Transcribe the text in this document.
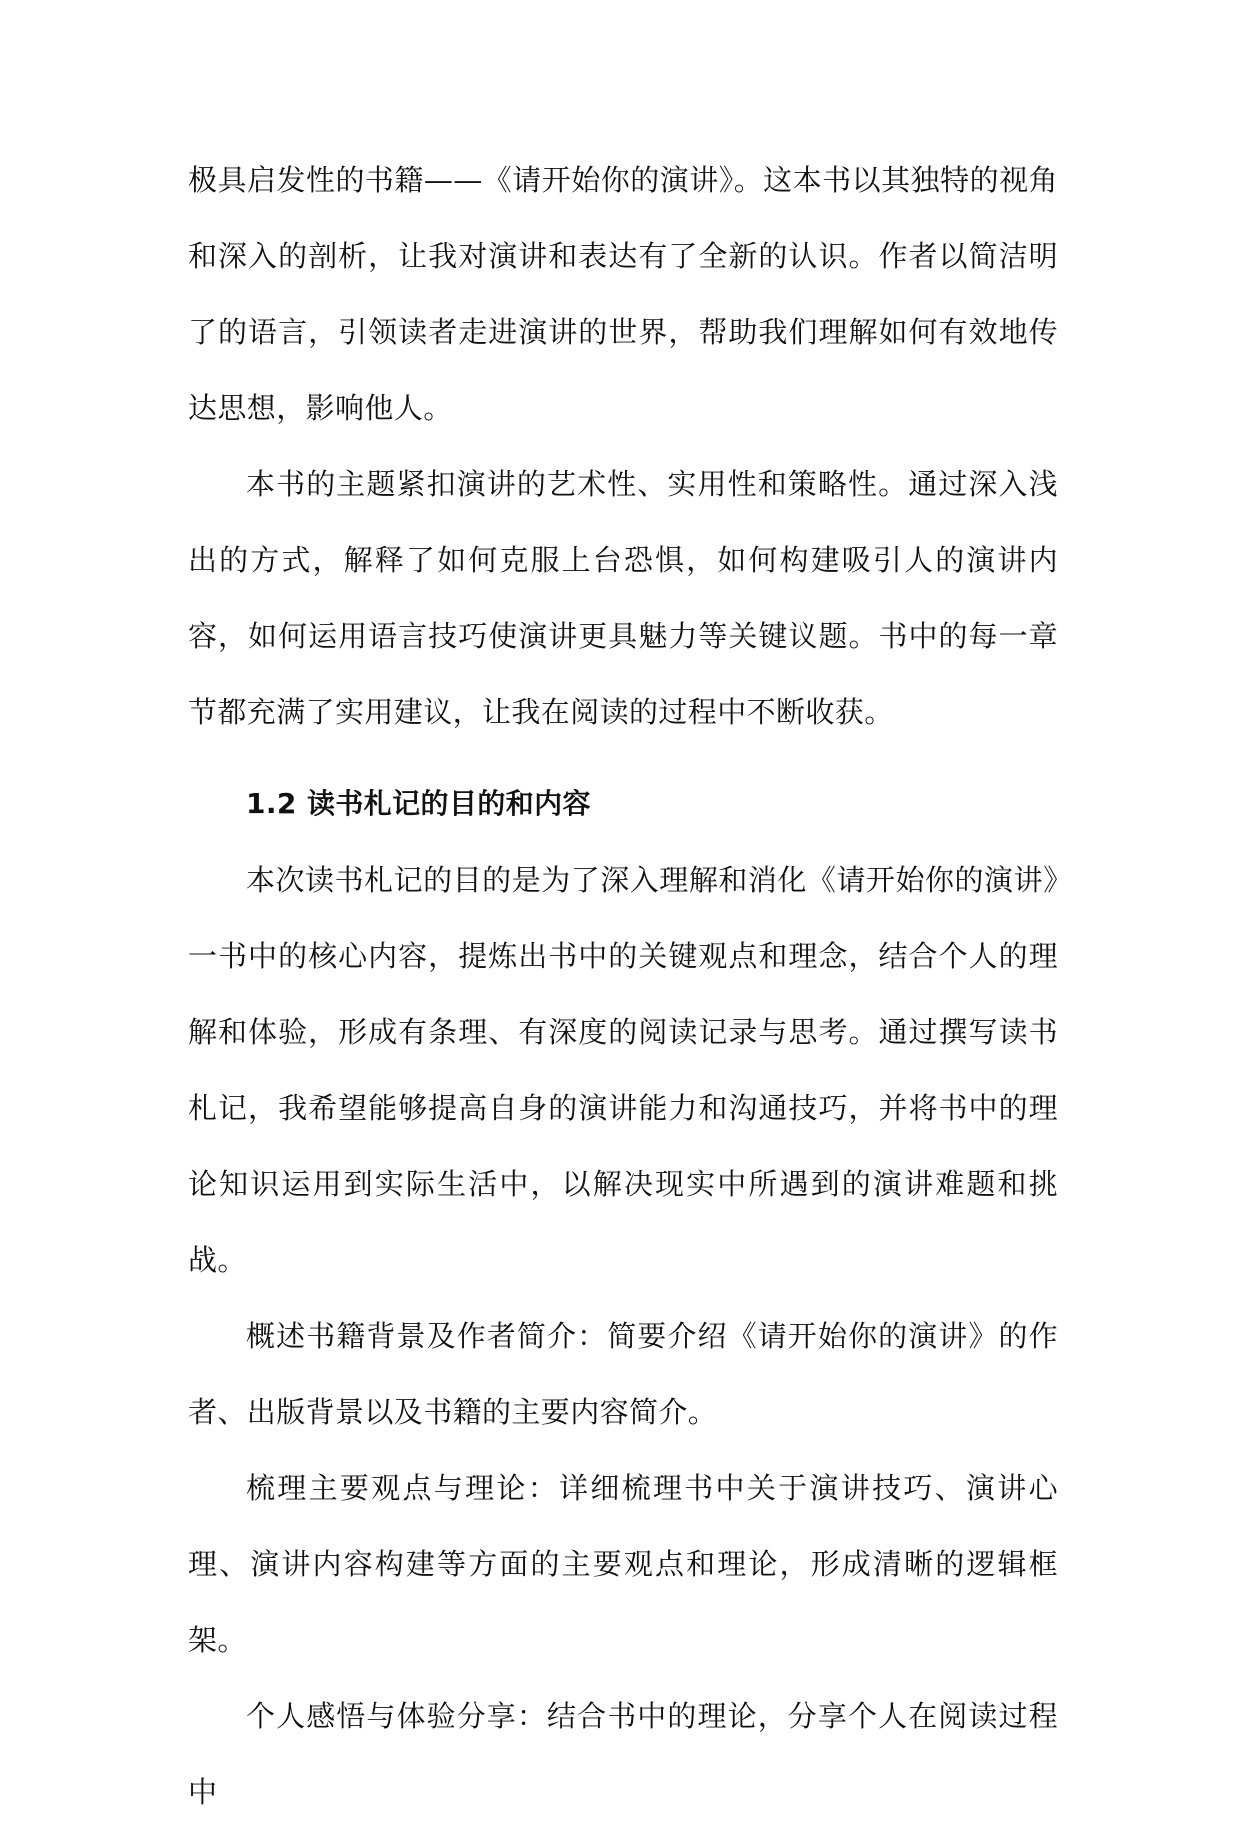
极具启发性的书籍——《请开始你的演讲》。这本书以其独特的视角和深入的剖析，让我对演讲和表达有了全新的认识。作者以简洁明了的语言，引领读者走进演讲的世界，帮助我们理解如何有效地传达思想，影响他人。

本书的主题紧扣演讲的艺术性、实用性和策略性。通过深入浅出的方式，解释了如何克服上台恐惧，如何构建吸引人的演讲内容，如何运用语言技巧使演讲更具魅力等关键议题。书中的每一章节都充满了实用建议，让我在阅读的过程中不断收获。

1.2 读书札记的目的和内容

本次读书札记的目的是为了深入理解和消化《请开始你的演讲》一书中的核心内容，提炼出书中的关键观点和理念，结合个人的理解和体验，形成有条理、有深度的阅读记录与思考。通过撰写读书札记，我希望能够提高自身的演讲能力和沟通技巧，并将书中的理论知识运用到实际生活中，以解决现实中所遇到的演讲难题和挑战。

概述书籍背景及作者简介：简要介绍《请开始你的演讲》的作者、出版背景以及书籍的主要内容简介。

梳理主要观点与理论：详细梳理书中关于演讲技巧、演讲心理、演讲内容构建等方面的主要观点和理论，形成清晰的逻辑框架。

个人感悟与体验分享：结合书中的理论，分享个人在阅读过程中
